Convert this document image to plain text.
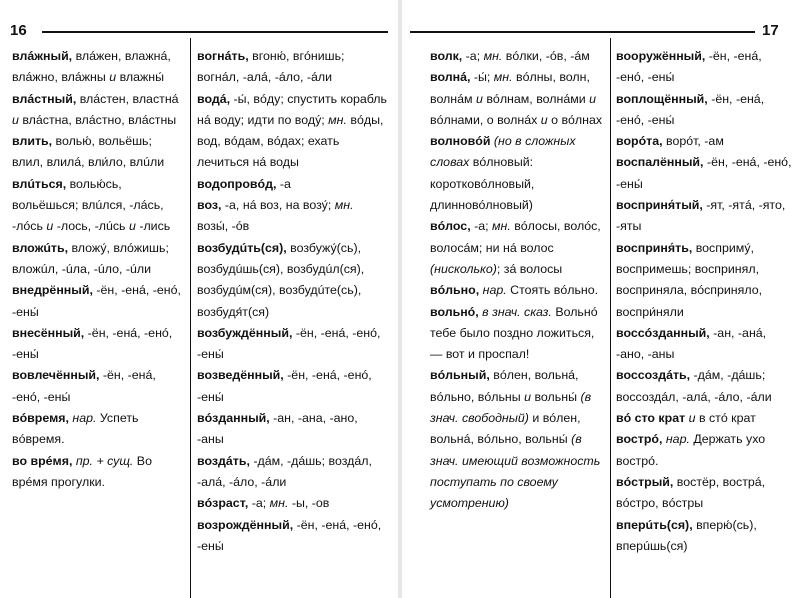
16

влáжный, влáжен, влажнá, влáжно, влáжны и влажны́

влáстный, влáстен, властнá и влáстна, влáстно, влáстны

влить, волью́, вольёшь; влил, влилá, вли́ло, влúли

влúться, волью́сь, вольёшься; влúлся, -лáсь, -лóсь и -лось, -лúсь и -лись

вложúть, вложу́, влóжишь; вложúл, -úла, -úло, -úли

внедрённый, -ён, -енá, -енó, -ены́

внесённый, -ён, -енá, -енó, -ены́

вовлечённый, -ён, -енá, -енó, -ены́

вóвремя, нар. Успеть вóвремя.

во врéмя, пр. + сущ. Во врéмя прогулки.

вогнáть, вгоню́, вгóнишь; вогнáл, -алá, -áло, -áли

водá, -ы́, вóду; спустить корабль нá воду; идти по водý; мн. вóды, вод, вóдам, вóдах; ехать лечиться нá воды

водопровóд, -а

воз, -а, нá воз, на возу́; мн. возы́, -óв

возбудúть(ся), возбужу́(сь), возбудúшь(ся), возбудúл(ся), возбудúм(ся), возбудúте(сь), возбудя́т(ся)

возбуждённый, -ён, -енá, -енó, -ены́

возведённый, -ён, -енá, -енó, -ены́

вóзданный, -ан, -ана, -ано, -аны

воздáть, -дáм, -дáшь; воздáл, -алá, -áло, -áли

вóзраст, -а; мн. -ы, -ов

возрождённый, -ён, -енá, -енó, -ены́

17

волк, -а; мн. вóлки, -óв, -áм

волнá, -ы́; мн. вóлны, волн, волнáм и вóлнам, волнáми и вóлнами, о волнáх и о вóлнах

волновóй (но в сложных словах вóлновый: коротковóлновый, длинновóлновый)

вóлос, -а; мн. вóлосы, волóс, волосáм; ни нá волос (нисколько); зá волосы

вóльно, нар. Стоять вóльно.

вольнó, в знач. сказ. Вольнó тебе было поздно ложиться, — вот и проспал!

вóльный, вóлен, вольнá, вóльно, вóльны и вольны́ (в знач. свободный) и вóлен, вольнá, вóльно, вольны́ (в знач. имеющий возможность поступать по своему усмотрению)

вооружённый, -ён, -енá, -енó, -ены́

воплощённый, -ён, -енá, -енó, -ены́

ворóта, ворóт, -ам

воспалённый, -ён, -енá, -енó, -ены́

восприня́тый, -ят, -ятá, -ято, -яты

восприня́ть, восприму́, воспримешь; воспринял, восприняла, вóсприняло, воспри́няли

воссóзданный, -ан, -анá, -ано, -аны

воссоздáть, -дáм, -дáшь; воссоздáл, -алá, -áло, -áли

вó сто крат и в стó крат

вострó, нар. Держать ухо вострó.

вóстрый, востёр, вострá, вóстро, вóстры

вперúть(ся), вперю́(сь), вперúшь(ся)
